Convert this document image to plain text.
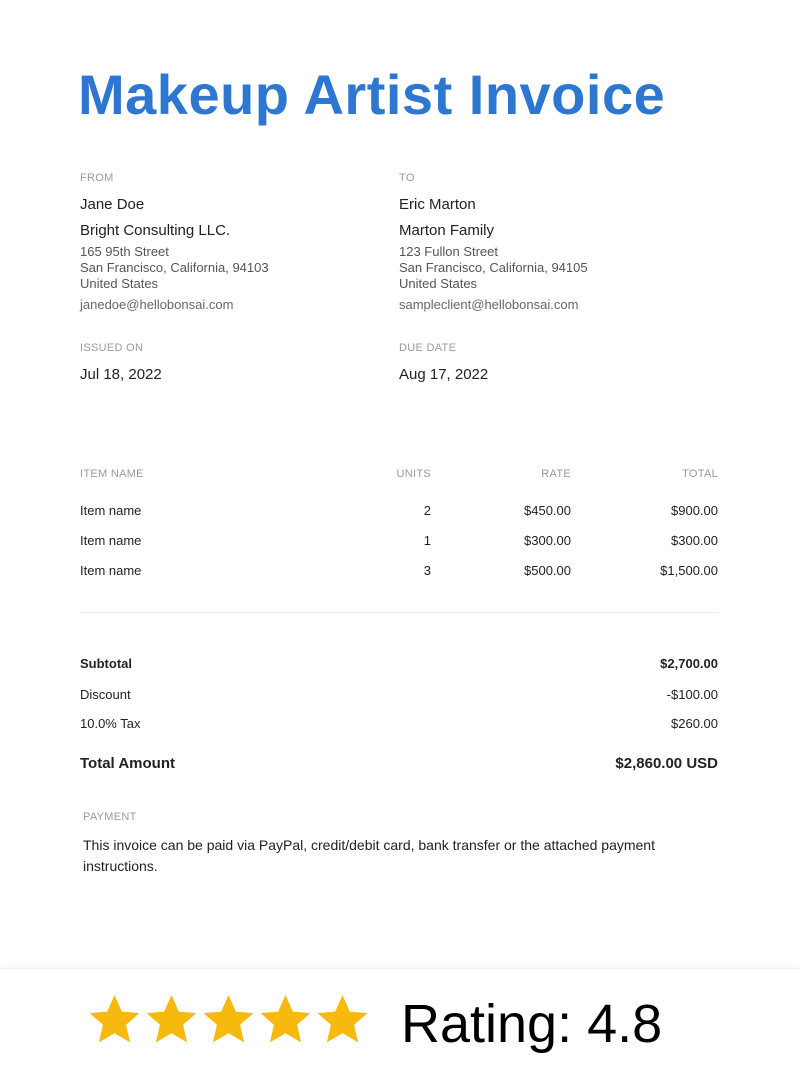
Makeup Artist Invoice
FROM
Jane Doe
Bright Consulting LLC.
165 95th Street
San Francisco, California, 94103
United States
janedoe@hellobonsai.com
TO
Eric Marton
Marton Family
123 Fullon Street
San Francisco, California, 94105
United States
sampleclient@hellobonsai.com
ISSUED ON
Jul 18, 2022
DUE DATE
Aug 17, 2022
ITEM NAME	UNITS	RATE	TOTAL
Item name	2	$450.00	$900.00
Item name	1	$300.00	$300.00
Item name	3	$500.00	$1,500.00
Subtotal	$2,700.00
Discount	-$100.00
10.0% Tax	$260.00
Total Amount	$2,860.00 USD
PAYMENT
This invoice can be paid via PayPal, credit/debit card, bank transfer or the attached payment instructions.
Rating: 4.8
